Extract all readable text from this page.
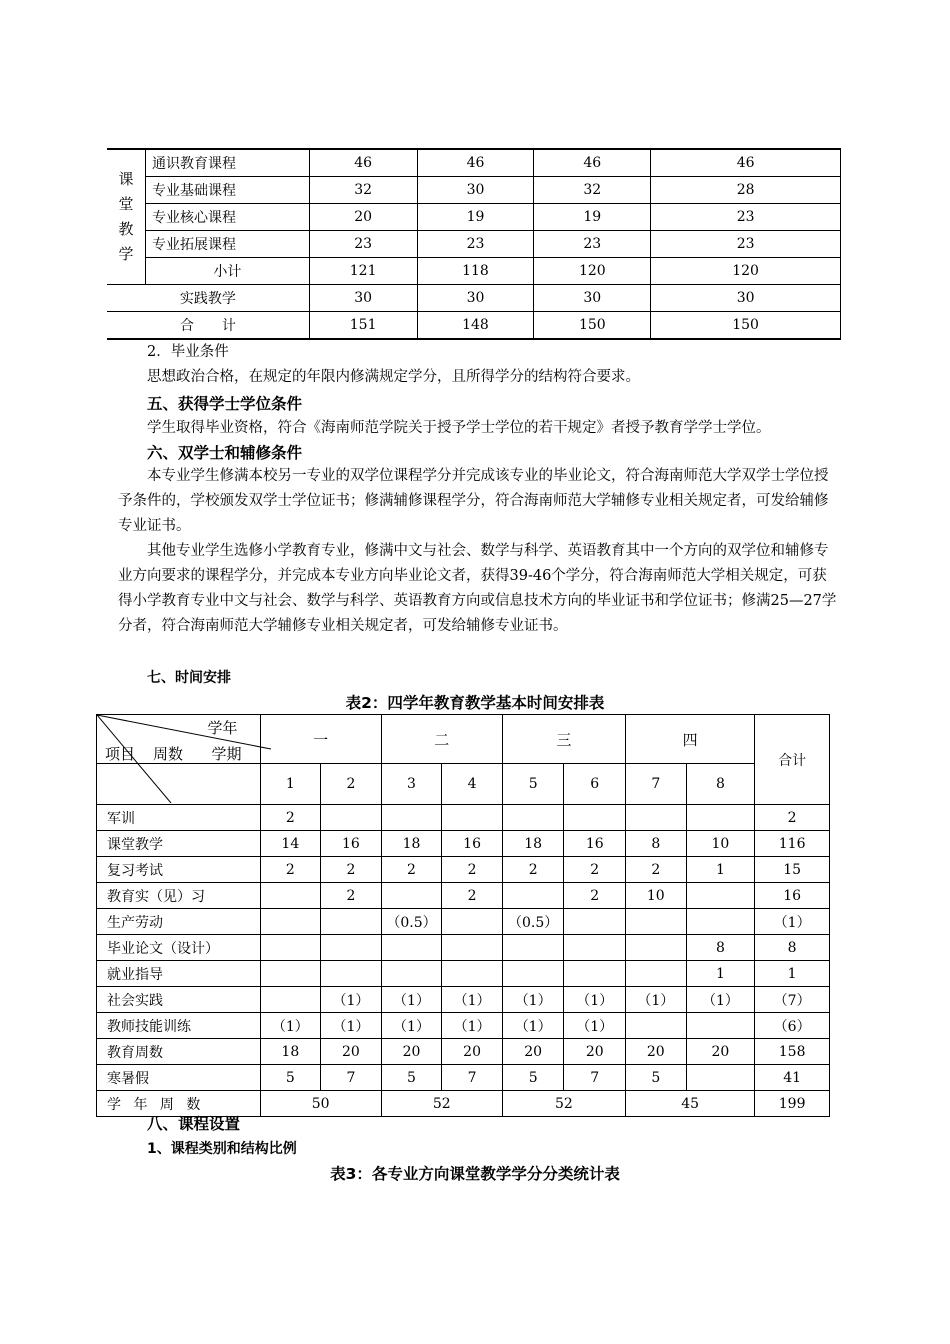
课
堂
教
学	通识教育课程	46	46	46	46
	专业基础课程	32	30	32	28
	专业核心课程	20	19	19	23
	专业拓展课程	23	23	23	23
	小计	121	118	120	120
实践教学		30	30	30	30
合　　计		151	148	150	150
2．毕业条件
思想政治合格，在规定的年限内修满规定学分，且所得学分的结构符合要求。
五、获得学士学位条件
学生取得毕业资格，符合《海南师范学院关于授予学士学位的若干规定》者授予教育学学士学位。
六、双学士和辅修条件
本专业学生修满本校另一专业的双学位课程学分并完成该专业的毕业论文，符合海南师范大学双学士学位授予条件的，学校颁发双学士学位证书；修满辅修课程学分，符合海南师范大学辅修专业相关规定者，可发给辅修专业证书。
其他专业学生选修小学教育专业，修满中文与社会、数学与科学、英语教育其中一个方向的双学位和辅修专业方向要求的课程学分，并完成本专业方向毕业论文者，获得39-46个学分，符合海南师范大学相关规定，可获得小学教育专业中文与社会、数学与科学、英语教育方向或信息技术方向的毕业证书和学位证书；修满25—27学分者，符合海南师范大学辅修专业相关规定者，可发给辅修专业证书。
七、时间安排
表2：四学年教育教学基本时间安排表
学年
项目 周数 学期	一		二		三		四		合计
	1	2	3	4	5	6	7	8	
军训	2								2
课堂教学	14	16	18	16	18	16	8	10	116
复习考试	2	2	2	2	2	2	2	1	15
教育实（见）习		2		2		2	10		16
生产劳动			（0.5）		（0.5）				（1）
毕业论文（设计）								8	8
就业指导								1	1
社会实践		（1）	（1）	（1）	（1）	（1）	（1）	（1）	（7）
教师技能训练	（1）	（1）	（1）	（1）	（1）	（1）			（6）
教育周数	18	20	20	20	20	20	20	20	158
寒暑假	5	7	5	7	5	7	5		41
学 年 周 数	50		52		52		45		199
八、课程设置
1、课程类别和结构比例
表3：各专业方向课堂教学学分分类统计表
